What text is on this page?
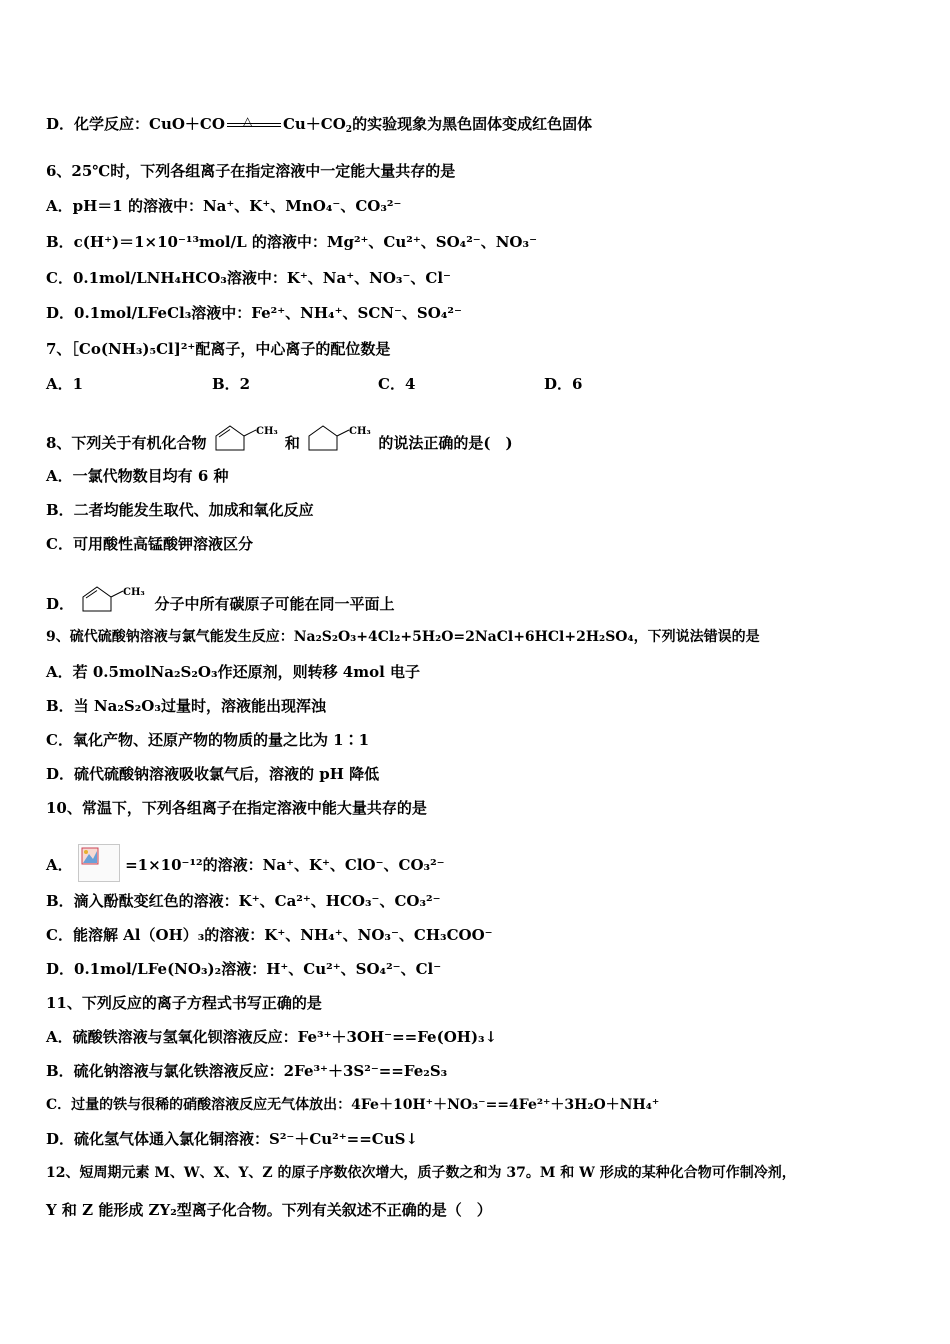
D．化学反应：CuO＋CO △ $Cu+CO_2$的实验现象为黑色固体变成红色固体
6、25℃时，下列各组离子在指定溶液中一定能大量共存的是
A．pH＝1 的溶液中：Na⁺、K⁺、MnO₄⁻、CO₃²⁻
B．c(H⁺)＝1×10⁻¹³mol/L 的溶液中：Mg²⁺、Cu²⁺、SO₄²⁻、NO₃⁻
C．0.1mol/LNH₄HCO₃溶液中：K⁺、Na⁺、NO₃⁻、Cl⁻
D．0.1mol/LFeCl₃溶液中：Fe²⁺、NH₄⁺、SCN⁻、SO₄²⁻
7、［Co(NH₃)₅Cl]²⁺配离子，中心离子的配位数是
A．1	B．2	C．4	D．6
8、下列关于有机化合物
CH₃
和
CH₃
的说法正确的是(　)
A．一氯代物数目均有 6 种
B．二者均能发生取代、加成和氧化反应
C．可用酸性高锰酸钾溶液区分
D．
CH₃
分子中所有碳原子可能在同一平面上
9、硫代硫酸钠溶液与氯气能发生反应：Na₂S₂O₃+4Cl₂+5H₂O=2NaCl+6HCl+2H₂SO₄，下列说法错误的是
A．若 0.5molNa₂S₂O₃作还原剂，则转移 4mol 电子
B．当 Na₂S₂O₃过量时，溶液能出现浑浊
C．氧化产物、还原产物的物质的量之比为 1∶1
D．硫代硫酸钠溶液吸收氯气后，溶液的 pH 降低
10、常温下，下列各组离子在指定溶液中能大量共存的是
A．	=1×10⁻¹²的溶液：Na⁺、K⁺、ClO⁻、CO₃²⁻
B．滴入酚酞变红色的溶液：K⁺、Ca²⁺、HCO₃⁻、CO₃²⁻
C．能溶解 Al（OH）₃的溶液：K⁺、NH₄⁺、NO₃⁻、CH₃COO⁻
D．0.1mol/LFe(NO₃)₂溶液：H⁺、Cu²⁺、SO₄²⁻、Cl⁻
11、下列反应的离子方程式书写正确的是
A．硫酸铁溶液与氢氧化钡溶液反应：Fe³⁺＋3OH⁻==Fe(OH)₃↓
B．硫化钠溶液与氯化铁溶液反应：2Fe³⁺＋3S²⁻==Fe₂S₃
C．过量的铁与很稀的硝酸溶液反应无气体放出：4Fe＋10H⁺＋NO₃⁻==4Fe²⁺＋3H₂O＋NH₄⁺
D．硫化氢气体通入氯化铜溶液：S²⁻＋Cu²⁺==CuS↓
12、短周期元素 M、W、X、Y、Z 的原子序数依次增大，质子数之和为 37。M 和 W 形成的某种化合物可作制冷剂，
Y 和 Z 能形成 ZY₂型离子化合物。下列有关叙述不正确的是（　）
